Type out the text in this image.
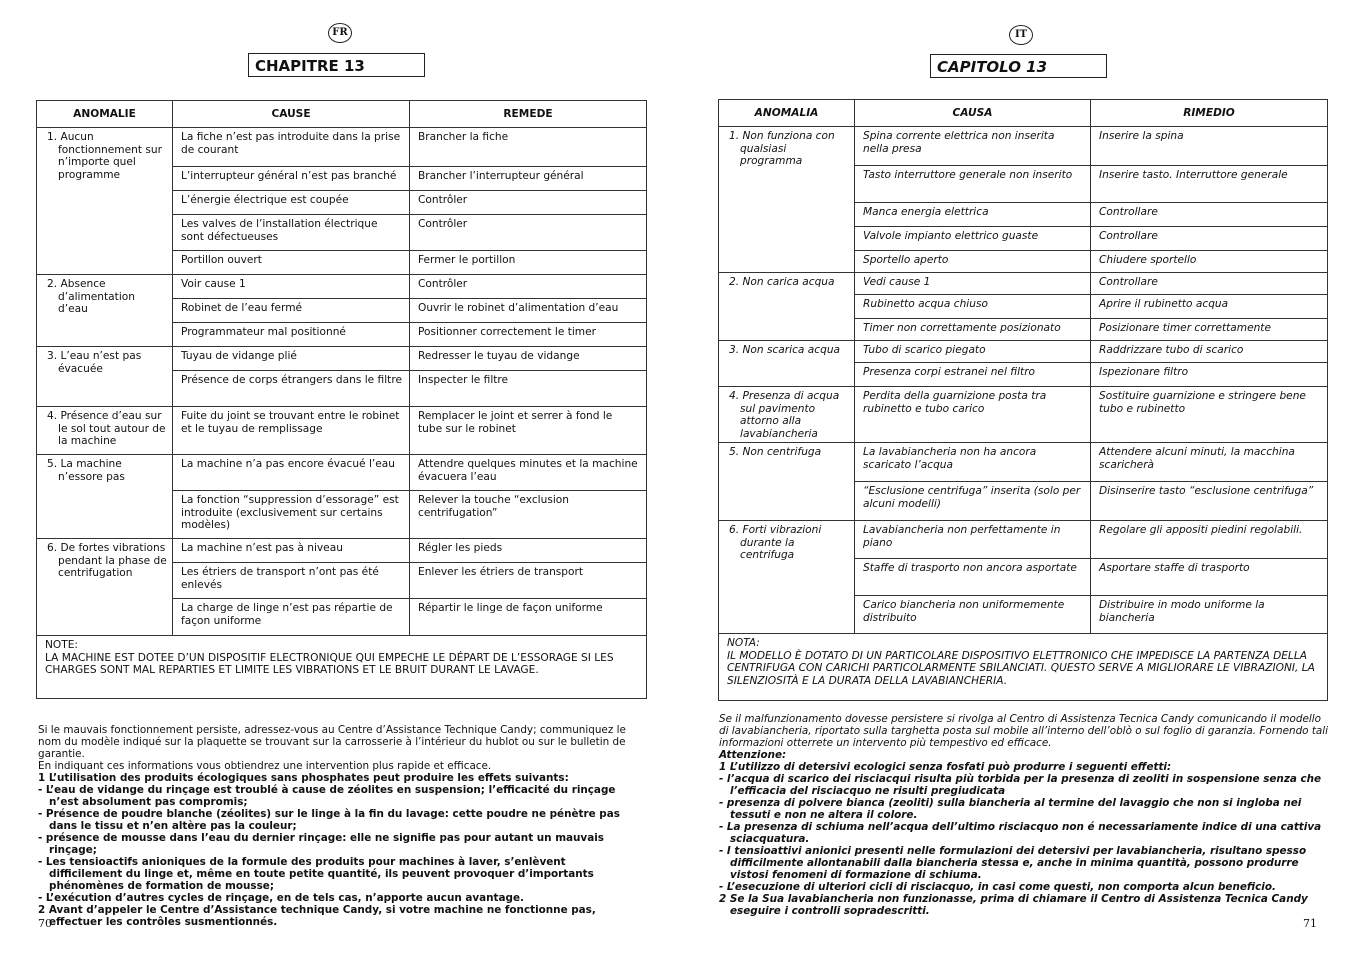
FR
CHAPITRE 13
ANOMALIE	CAUSE	REMEDE

1. Aucun fonctionnement sur n’importe quel programme	La fiche n’est pas introduite dans la prise de courant	Brancher la fiche
	L’interrupteur général n’est pas branché	Brancher l’interrupteur général
	L’énergie électrique est coupée	Contrôler
	Les valves de l’installation électrique sont défectueuses	Contrôler
	Portillon ouvert	Fermer le portillon

2. Absence d’alimentation d’eau	Voir cause 1	Contrôler
	Robinet de l’eau fermé	Ouvrir le robinet d’alimentation d’eau
	Programmateur mal positionné	Positionner correctement le timer

3. L’eau n’est pas évacuée	Tuyau de vidange plié	Redresser le tuyau de vidange
	Présence de corps étrangers dans le filtre	Inspecter le filtre

4. Présence d’eau sur le sol tout autour de la machine	Fuite du joint se trouvant entre le robinet et le tuyau de remplissage	Remplacer le joint et serrer à fond le tube sur le robinet

5. La machine n’essore pas	La machine n’a pas encore évacué l’eau	Attendre quelques minutes et la machine évacuera l’eau
	La fonction “suppression d’essorage” est introduite (exclusivement sur certains modèles)	Relever la touche “exclusion centrifugation”

6. De fortes vibrations pendant la phase de centrifugation	La machine n’est pas à niveau	Régler les pieds
	Les étriers de transport n’ont pas été enlevés	Enlever les étriers de transport
	La charge de linge n’est pas répartie de façon uniforme	Répartir le linge de façon uniforme

NOTE:
LA MACHINE EST DOTEE D’UN DISPOSITIF ELECTRONIQUE QUI EMPECHE LE DÉPART DE L’ESSORAGE SI LES CHARGES SONT MAL REPARTIES ET LIMITE LES VIBRATIONS ET LE BRUIT DURANT LE LAVAGE.		

Si le mauvais fonctionnement persiste, adressez-vous au Centre d’Assistance Technique Candy; communiquez le nom du modèle indiqué sur la plaquette se trouvant sur la carrosserie à l’intérieur du hublot ou sur le bulletin de garantie.

En indiquant ces informations vous obtiendrez une intervention plus rapide et efficace.

1 L’utilisation des produits écologiques sans phosphates peut produire les effets suivants:

- L’eau de vidange du rinçage est troublé à cause de zéolites en suspension; l’efficacité du rinçage n’est absolument pas compromis;

- Présence de poudre blanche (zéolites) sur le linge à la fin du lavage: cette poudre ne pénètre pas dans le tissu et n’en altère pas la couleur;

- présence de mousse dans l’eau du dernier rinçage: elle ne signifie pas pour autant un mauvais rinçage;

- Les tensioactifs anioniques de la formule des produits pour machines à laver, s’enlèvent difficilement du linge et, même en toute petite quantité, ils peuvent provoquer d’importants phénomènes de formation de mousse;

- L’exécution d’autres cycles de rinçage, en de tels cas, n’apporte aucun avantage.

2 Avant d’appeler le Centre d’Assistance technique Candy, si votre machine ne fonctionne pas, effectuer les contrôles susmentionnés.

70
IT
CAPITOLO 13
ANOMALIA	CAUSA	RIMEDIO

1. Non funziona con qualsiasi programma	Spina corrente elettrica non inserita nella presa	Inserire la spina
	Tasto interruttore generale non inserito	Inserire tasto. Interruttore generale
	Manca energia elettrica	Controllare
	Valvole impianto elettrico guaste	Controllare
	Sportello aperto	Chiudere sportello

2. Non carica acqua	Vedi cause 1	Controllare
	Rubinetto acqua chiuso	Aprire il rubinetto acqua
	Timer non correttamente posizionato	Posizionare timer correttamente

3. Non scarica acqua	Tubo di scarico piegato	Raddrizzare tubo di scarico
	Presenza corpi estranei nel filtro	Ispezionare filtro

4. Presenza di acqua sul pavimento attorno alla lavabiancheria	Perdita della guarnizione posta tra rubinetto e tubo carico	Sostituire guarnizione e stringere bene tubo e rubinetto

5. Non centrifuga	La lavabiancheria non ha ancora scaricato l’acqua	Attendere alcuni minuti, la macchina scaricherà
	“Esclusione centrifuga” inserita (solo per alcuni modelli)	Disinserire tasto “esclusione centrifuga”

6. Forti vibrazioni durante la centrifuga	Lavabiancheria non perfettamente in piano	Regolare gli appositi piedini regolabili.
	Staffe di trasporto non ancora asportate	Asportare staffe di trasporto
	Carico biancheria non uniformemente distribuito	Distribuire in modo uniforme la biancheria

NOTA:
IL MODELLO È DOTATO DI UN PARTICOLARE DISPOSITIVO ELETTRONICO CHE IMPEDISCE LA PARTENZA DELLA CENTRIFUGA CON CARICHI PARTICOLARMENTE SBILANCIATI. QUESTO SERVE A MIGLIORARE LE VIBRAZIONI, LA SILENZIOSITÀ E LA DURATA DELLA LAVABIANCHERIA.		

Se il malfunzionamento dovesse persistere si rivolga al Centro di Assistenza Tecnica Candy comunicando il modello di lavabiancheria, riportato sulla targhetta posta sul mobile all’interno dell’oblò o sul foglio di garanzia. Fornendo tali informazioni otterrete un intervento più tempestivo ed efficace.

Attenzione:

1 L’utilizzo di detersivi ecologici senza fosfati può produrre i seguenti effetti:

- l’acqua di scarico dei risciacqui risulta più torbida per la presenza di zeoliti in sospensione senza che l’efficacia del risciacquo ne risulti pregiudicata

- presenza di polvere bianca (zeoliti) sulla biancheria al termine del lavaggio che non si ingloba nei tessuti e non ne altera il colore.

- La presenza di schiuma nell’acqua dell’ultimo risciacquo non é necessariamente indice di una cattiva sciacquatura.

- I tensioattivi anionici presenti nelle formulazioni dei detersivi per lavabiancheria, risultano spesso difficilmente allontanabili dalla biancheria stessa e, anche in minima quantità, possono produrre vistosi fenomeni di formazione di schiuma.

- L’esecuzione di ulteriori cicli di risciacquo, in casi come questi, non comporta alcun beneficio.

2 Se la Sua lavabiancheria non funzionasse, prima di chiamare il Centro di Assistenza Tecnica Candy eseguire i controlli sopradescritti.

71
